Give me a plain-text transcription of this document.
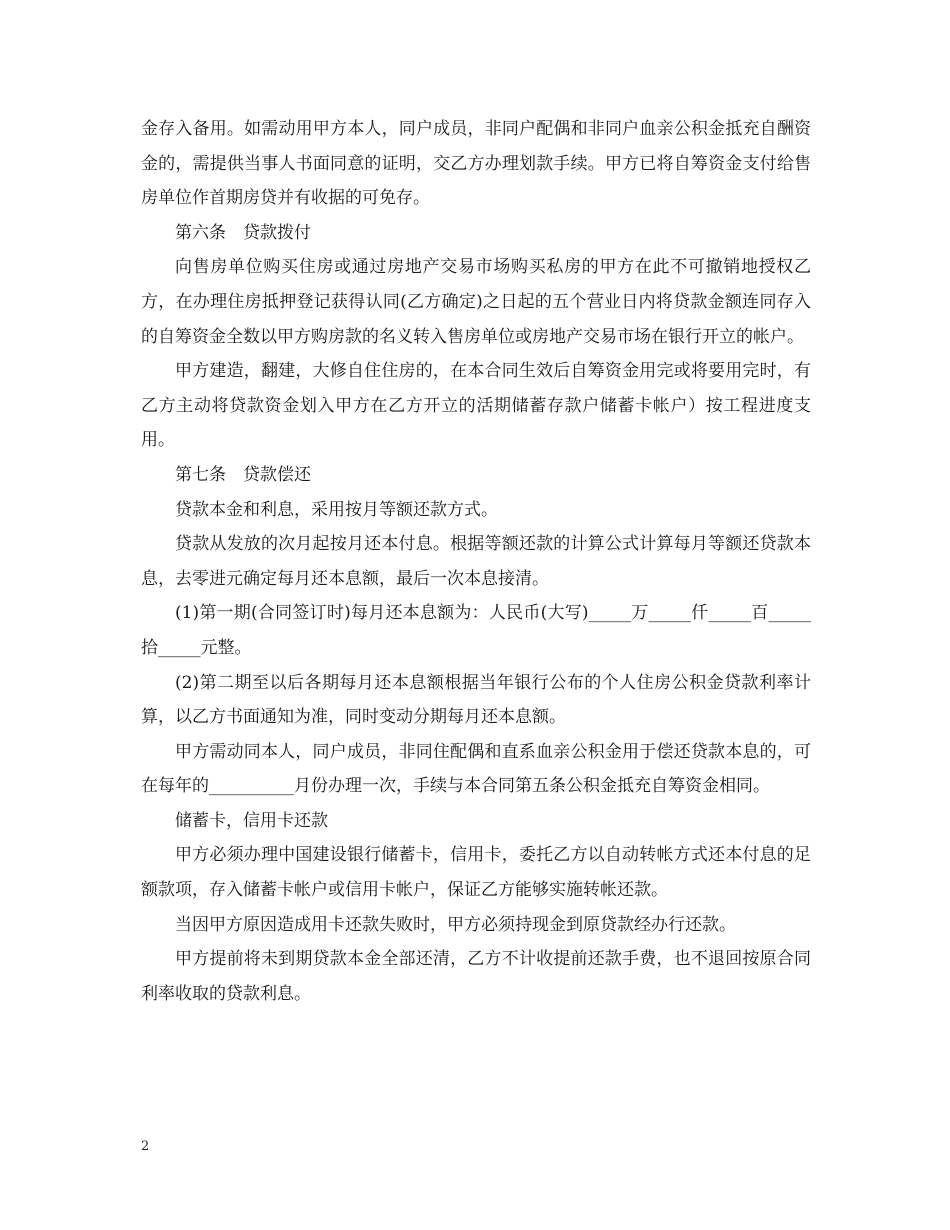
金存入备用。如需动用甲方本人，同户成员，非同户配偶和非同户血亲公积金抵充自酬资金的，需提供当事人书面同意的证明，交乙方办理划款手续。甲方已将自筹资金支付给售房单位作首期房贷并有收据的可免存。

第六条 贷款拨付

向售房单位购买住房或通过房地产交易市场购买私房的甲方在此不可撤销地授权乙方，在办理住房抵押登记获得认同(乙方确定)之日起的五个营业日内将贷款金额连同存入的自筹资金全数以甲方购房款的名义转入售房单位或房地产交易市场在银行开立的帐户。

甲方建造，翻建，大修自住住房的，在本合同生效后自筹资金用完或将要用完时，有乙方主动将贷款资金划入甲方在乙方开立的活期储蓄存款户储蓄卡帐户）按工程进度支用。

第七条 贷款偿还

贷款本金和利息，采用按月等额还款方式。

贷款从发放的次月起按月还本付息。根据等额还款的计算公式计算每月等额还贷款本息，去零进元确定每月还本息额，最后一次本息接清。

(1)第一期(合同签订时)每月还本息额为：人民币(大写)_____万_____仟_____百_____拾_____元整。

(2)第二期至以后各期每月还本息额根据当年银行公布的个人住房公积金贷款利率计算，以乙方书面通知为准，同时变动分期每月还本息额。

甲方需动同本人，同户成员，非同住配偶和直系血亲公积金用于偿还贷款本息的，可在每年的__________月份办理一次，手续与本合同第五条公积金抵充自筹资金相同。

储蓄卡，信用卡还款

甲方必须办理中国建设银行储蓄卡，信用卡，委托乙方以自动转帐方式还本付息的足额款项，存入储蓄卡帐户或信用卡帐户，保证乙方能够实施转帐还款。

当因甲方原因造成用卡还款失败时，甲方必须持现金到原贷款经办行还款。

甲方提前将未到期贷款本金全部还清，乙方不计收提前还款手费，也不退回按原合同利率收取的贷款利息。

2
